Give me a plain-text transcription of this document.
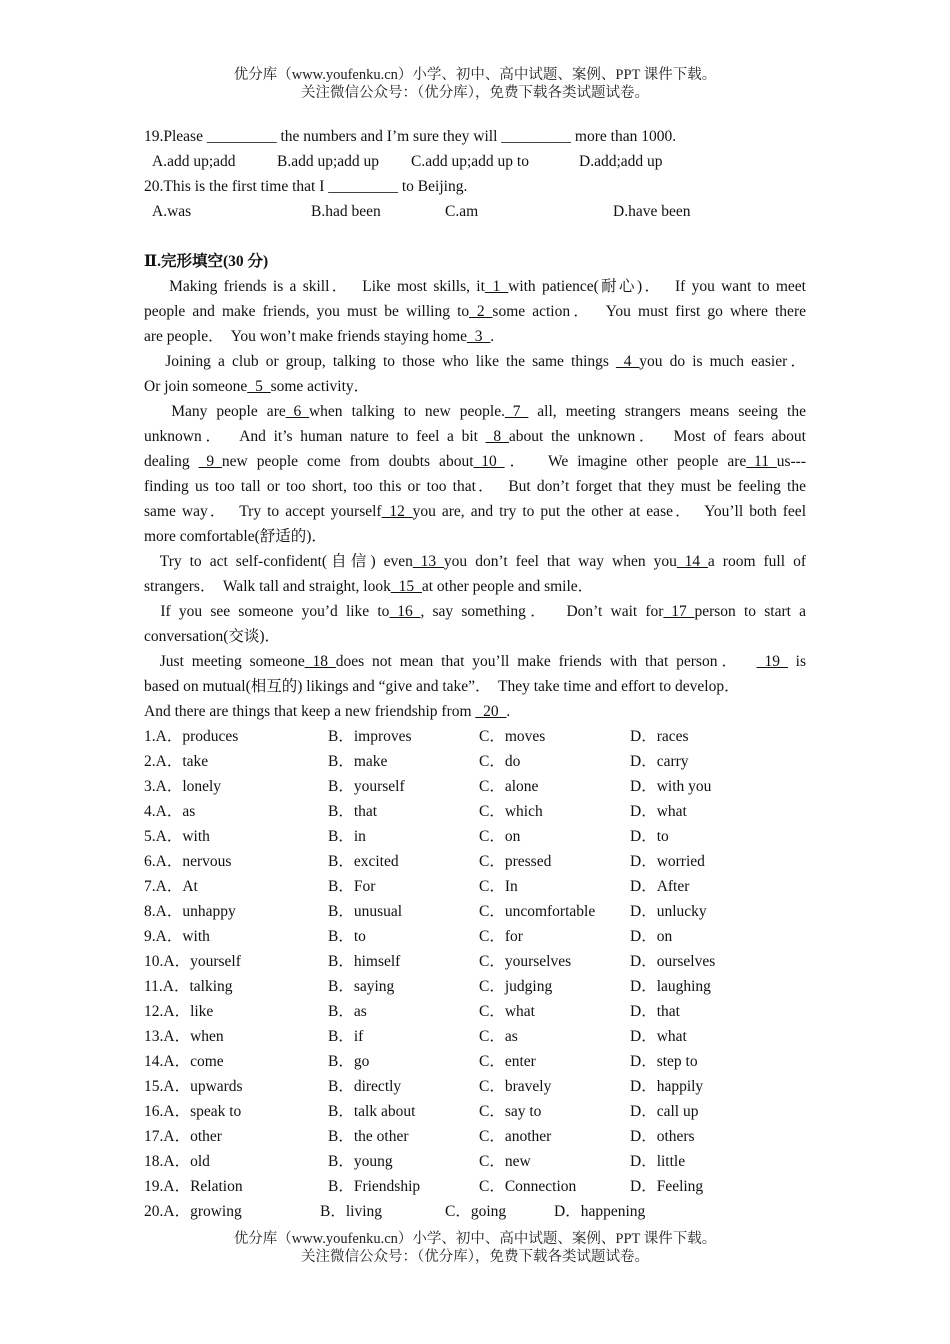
优分库（www.youfenku.cn）小学、初中、高中试题、案例、PPT 课件下载。
关注微信公众号：（优分库），免费下载各类试题试卷。
19.Please _________ the numbers and I’m sure they will _________ more than 1000.
A.add up;add	B.add up;add up	C.add up;add up to	D.add;add up
20.This is the first time that I _________ to Beijing.
A.was	B.had been	C.am	D.have been
Ⅱ.完形填空(30 分)
Making friends is a skill．  Like most skills, it_1_with patience(耐心)．  If you want to meet
people and make friends, you must be willing to_2_some action．  You must first go where there
are people．  You won’t make friends staying home_3_.
Joining a club or group, talking to those who like the same things _4_you do is much easier．
Or join someone_5_some activity．
Many people are_6_when talking to new people._7_ all, meeting strangers means seeing the
unknown．  And it’s human nature to feel a bit _8_about the unknown．  Most of fears about
dealing _9_new people come from doubts about_10_．  We imagine other people are_11_us---
finding us too tall or too short, too this or too that．  But don’t forget that they must be feeling the
same way．  Try to accept yourself_12_you are, and try to put the other at ease．  You’ll both feel
more comfortable(舒适的)．
Try to act self-confident(自信) even_13_you don’t feel that way when you_14_a room full of
strangers．  Walk tall and straight, look_15_at other people and smile．
If you see someone you’d like to_16_, say something．  Don’t wait for_17_person to start a
conversation(交谈)．
Just meeting someone_18_does not mean that you’ll make friends with that person．  _19_ is
based on mutual(相互的) likings and “give and take”．  They take time and effort to develop．
And there are things that keep a new friendship from _20_.
1.A．produces	B．improves	C．moves	D．races
2.A．take	B．make	C．do	D．carry
3.A．lonely	B．yourself	C．alone	D．with you
4.A．as	B．that	C．which	D．what
5.A．with	B．in	C．on	D．to
6.A．nervous	B．excited	C．pressed	D．worried
7.A．At	B．For	C．In	D．After
8.A．unhappy	B．unusual	C．uncomfortable	D．unlucky
9.A．with	B．to	C．for	D．on
10.A．yourself	B．himself	C．yourselves	D．ourselves
11.A．talking	B．saying	C．judging	D．laughing
12.A．like	B．as	C．what	D．that
13.A．when	B．if	C．as	D．what
14.A．come	B．go	C．enter	D．step to
15.A．upwards	B．directly	C．bravely	D．happily
16.A．speak to	B．talk about	C．say to	D．call up
17.A．other	B．the other	C．another	D．others
18.A．old	B．young	C．new	D．little
19.A．Relation	B．Friendship	C．Connection	D．Feeling
20.A．growing	B．living	C．going	D．happening
优分库（www.youfenku.cn）小学、初中、高中试题、案例、PPT 课件下载。
关注微信公众号：（优分库），免费下载各类试题试卷。
